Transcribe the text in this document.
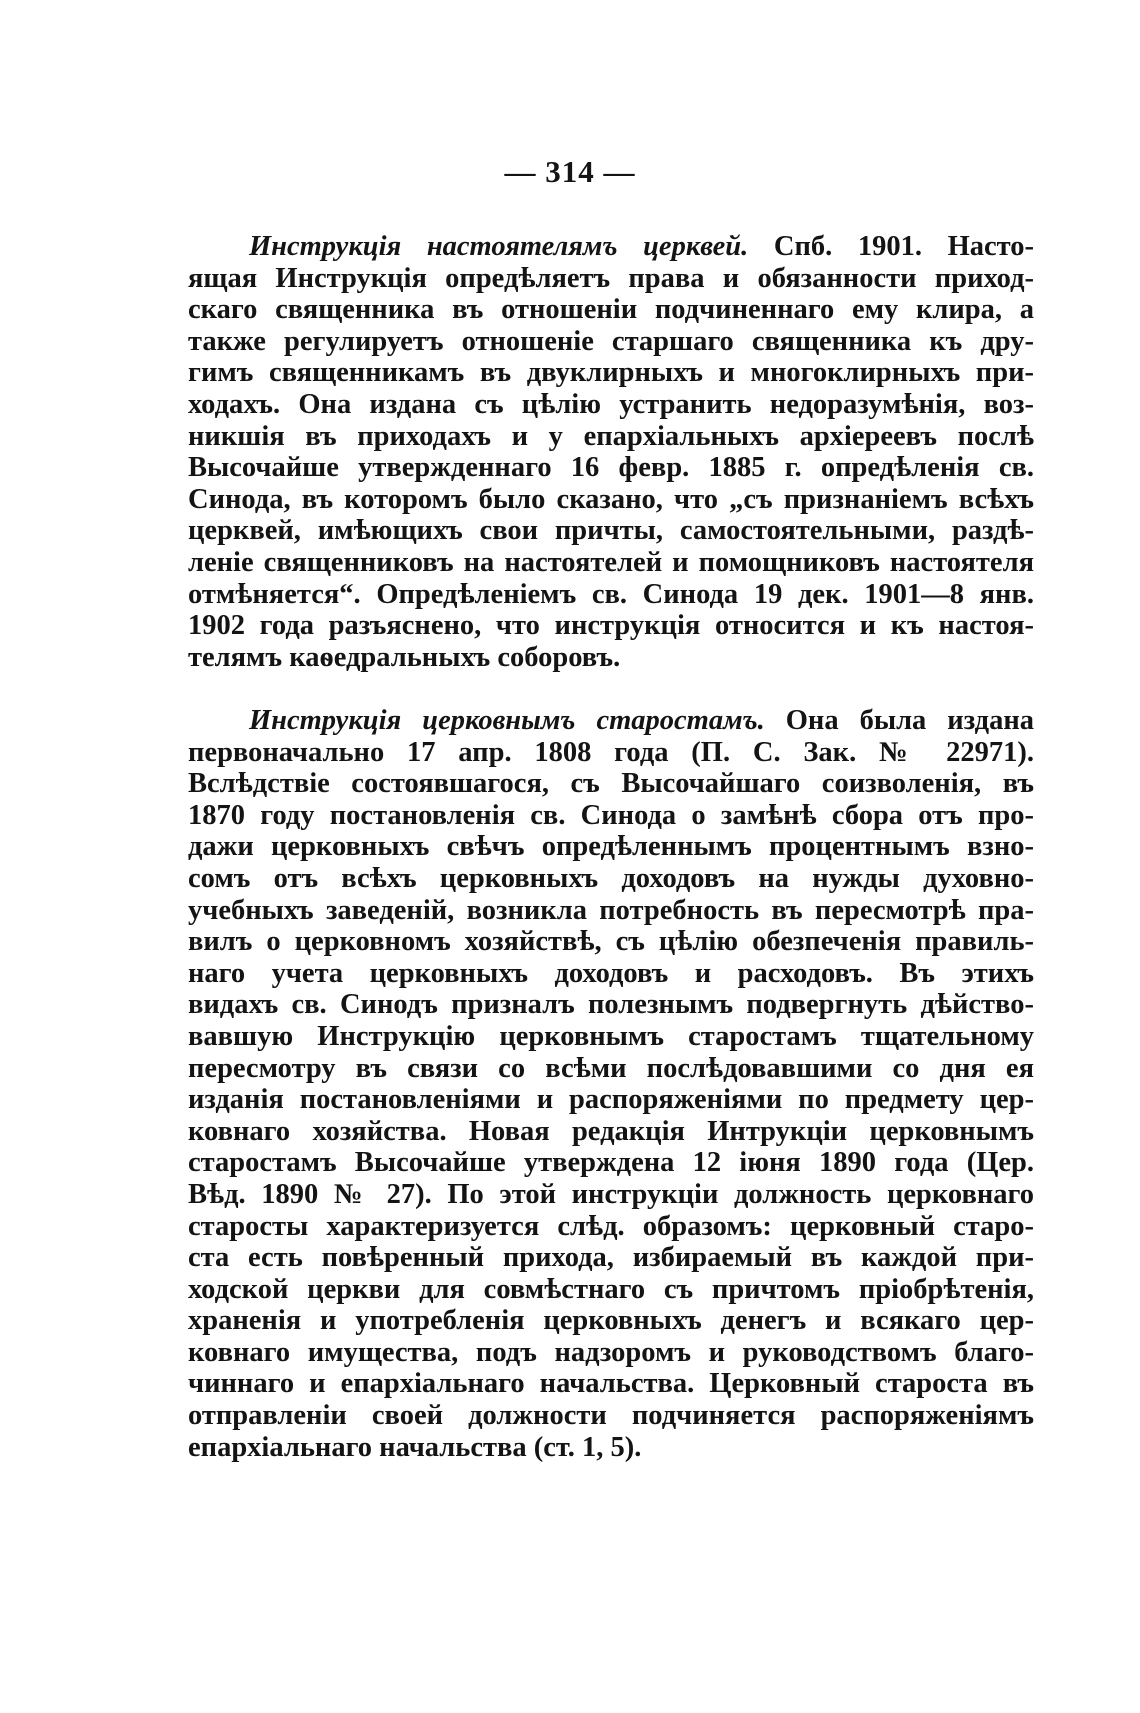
— 314 —
Инструкція настоятелямъ церквей. Спб. 1901. Насто-
ящая Инструкція опредѣляетъ права и обязанности приход-
скаго священника въ отношеніи подчиненнаго ему клира, а
также регулируетъ отношеніе старшаго священника къ дру-
гимъ священникамъ въ двуклирныхъ и многоклирныхъ при-
ходахъ. Она издана съ цѣлію устранить недоразумѣнія, воз-
никшія въ приходахъ и у епархіальныхъ архіереевъ послѣ
Высочайше утвержденнаго 16 февр. 1885 г. опредѣленія св.
Синода, въ которомъ было сказано, что „съ признаніемъ всѣхъ
церквей, имѣющихъ свои причты, самостоятельными, раздѣ-
леніе священниковъ на настоятелей и помощниковъ настоятеля
отмѣняется“. Опредѣленіемъ св. Синода 19 дек. 1901—8 янв.
1902 года разъяснено, что инструкція относится и къ настоя-
телямъ каѳедральныхъ соборовъ.
Инструкція церковнымъ старостамъ. Она была издана
первоначально 17 апр. 1808 года (П. С. Зак. № 22971).
Вслѣдствіе состоявшагося, съ Высочайшаго соизволенія, въ
1870 году постановленія св. Синода о замѣнѣ сбора отъ про-
дажи церковныхъ свѣчъ опредѣленнымъ процентнымъ взно-
сомъ отъ всѣхъ церковныхъ доходовъ на нужды духовно-
учебныхъ заведеній, возникла потребность въ пересмотрѣ пра-
вилъ о церковномъ хозяйствѣ, съ цѣлію обезпеченія правиль-
наго учета церковныхъ доходовъ и расходовъ. Въ этихъ
видахъ св. Синодъ призналъ полезнымъ подвергнуть дѣйство-
вавшую Инструкцію церковнымъ старостамъ тщательному
пересмотру въ связи со всѣми послѣдовавшими со дня ея
изданія постановленіями и распоряженіями по предмету цер-
ковнаго хозяйства. Новая редакція Интрукціи церковнымъ
старостамъ Высочайше утверждена 12 іюня 1890 года (Цер.
Вѣд. 1890 № 27). По этой инструкціи должность церковнаго
старосты характеризуется слѣд. образомъ: церковный старо-
ста есть повѣренный прихода, избираемый въ каждой при-
ходской церкви для совмѣстнаго съ причтомъ пріобрѣтенія,
храненія и употребленія церковныхъ денегъ и всякаго цер-
ковнаго имущества, подъ надзоромъ и руководствомъ благо-
чиннаго и епархіальнаго начальства. Церковный староста въ
отправленіи своей должности подчиняется распоряженіямъ
епархіальнаго начальства (ст. 1, 5).
